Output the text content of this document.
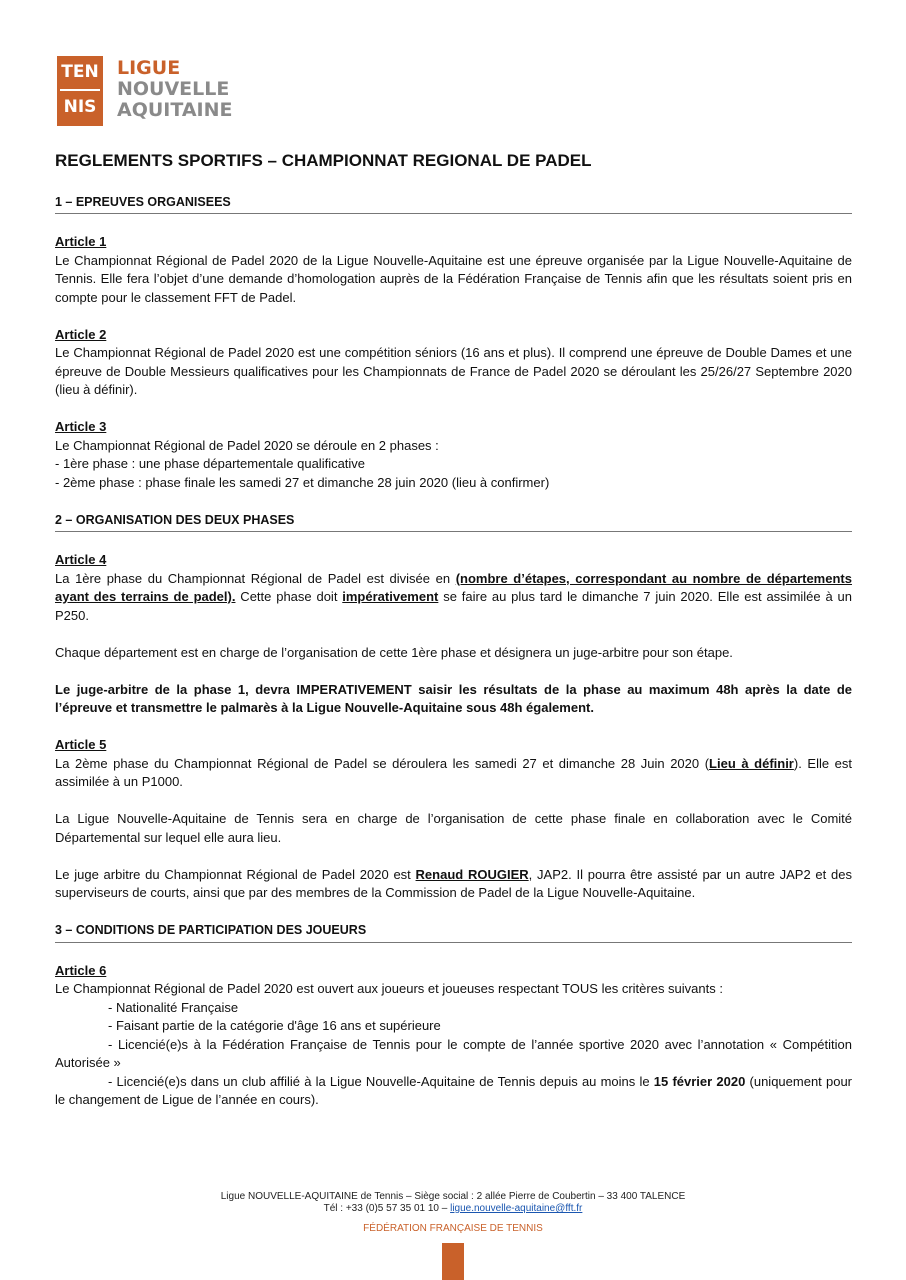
TEN
NIS
LIGUE
NOUVELLE
AQUITAINE
REGLEMENTS SPORTIFS – CHAMPIONNAT REGIONAL DE PADEL
1 – EPREUVES ORGANISEES
Article 1

Le Championnat Régional de Padel 2020 de la Ligue Nouvelle-Aquitaine est une épreuve organisée par la Ligue Nouvelle-Aquitaine de Tennis. Elle fera l’objet d’une demande d’homologation auprès de la Fédération Française de Tennis afin que les résultats soient pris en compte pour le classement FFT de Padel.

Article 2

Le Championnat Régional de Padel 2020 est une compétition séniors (16 ans et plus). Il comprend une épreuve de Double Dames et une épreuve de Double Messieurs qualificatives pour les Championnats de France de Padel 2020 se déroulant les 25/26/27 Septembre 2020 (lieu à définir).

Article 3
Le Championnat Régional de Padel 2020 se déroule en 2 phases :
- 1ère phase : une phase départementale qualificative

- 2ème phase : phase finale les samedi 27 et dimanche 28 juin 2020 (lieu à confirmer)

2 – ORGANISATION DES DEUX PHASES
Article 4

La 1ère phase du Championnat Régional de Padel est divisée en (nombre d’étapes, correspondant au nombre de départements ayant des terrains de padel). Cette phase doit impérativement se faire au plus tard le dimanche 7 juin 2020. Elle est assimilée à un P250.

Chaque département est en charge de l’organisation de cette 1ère phase et désignera un juge-arbitre pour son étape.

Le juge-arbitre de la phase 1, devra IMPERATIVEMENT saisir les résultats de la phase au maximum 48h après la date de l’épreuve et transmettre le palmarès à la Ligue Nouvelle-Aquitaine sous 48h également.

Article 5

La 2ème phase du Championnat Régional de Padel se déroulera les samedi 27 et dimanche 28 Juin 2020 (Lieu à définir). Elle est assimilée à un P1000.

La Ligue Nouvelle-Aquitaine de Tennis sera en charge de l’organisation de cette phase finale en collaboration avec le Comité Départemental sur lequel elle aura lieu.

Le juge arbitre du Championnat Régional de Padel 2020 est Renaud ROUGIER, JAP2. Il pourra être assisté par un autre JAP2 et des superviseurs de courts, ainsi que par des membres de la Commission de Padel de la Ligue Nouvelle-Aquitaine.

3 – CONDITIONS DE PARTICIPATION DES JOUEURS
Article 6
Le Championnat Régional de Padel 2020 est ouvert aux joueurs et joueuses respectant TOUS les critères suivants :
- Nationalité Française
- Faisant partie de la catégorie d'âge 16 ans et supérieure
- Licencié(e)s à la Fédération Française de Tennis pour le compte de l’année sportive 2020 avec l’annotation « Compétition Autorisée »
- Licencié(e)s dans un club affilié à la Ligue Nouvelle-Aquitaine de Tennis depuis au moins le 15 février 2020 (uniquement pour le changement de Ligue de l’année en cours).
Ligue NOUVELLE-AQUITAINE de Tennis – Siège social : 2 allée Pierre de Coubertin – 33 400 TALENCE
Tél : +33 (0)5 57 35 01 10 – ligue.nouvelle-aquitaine@fft.fr
FÉDÉRATION FRANÇAISE DE TENNIS
